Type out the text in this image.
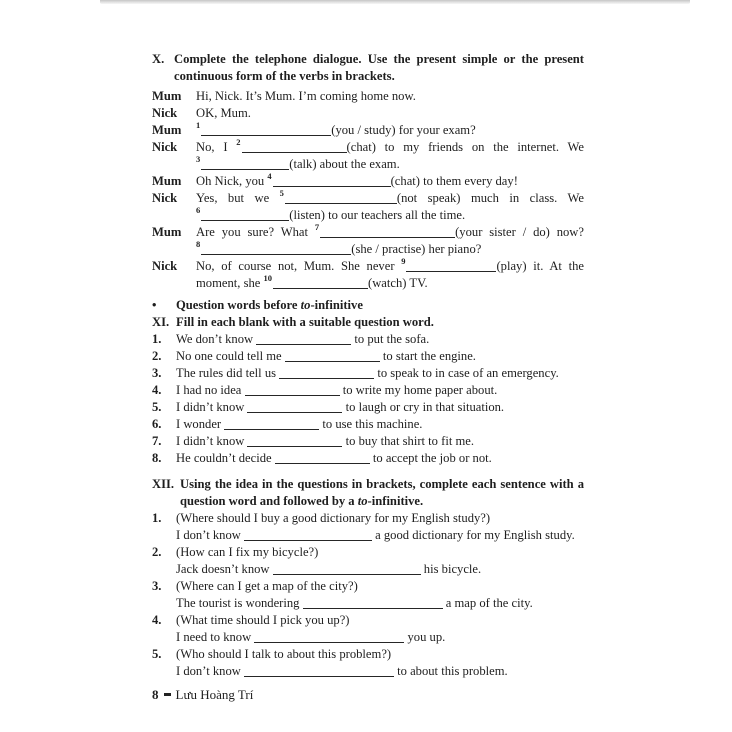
X. Complete the telephone dialogue. Use the present simple or the present
continuous form of the verbs in brackets.
Mum	Hi, Nick. It’s Mum. I’m coming home now.
Nick	OK, Mum.
Mum	$^1$	(you / study) for your exam?
Nick	No, I $^2$	(chat) to my friends on the internet. We
$^3$	(talk) about the exam.
Mum	Oh Nick, you $^4$	(chat) to them every day!
Nick	Yes, but we $^5$	(not speak) much in class. We
$^6$	(listen) to our teachers all the time.
Mum	Are you sure? What $^7$	(your sister / do) now?
$^8$	(she / practise) her piano?
Nick	No, of course not, Mum. She never $^9$	(play) it. At the
moment, she $^{10}$	(watch) TV.
•	Question words before to-infinitive
XI. Fill in each blank with a suitable question word.
1.	We don’t know	to put the sofa.
2.	No one could tell me	to start the engine.
3.	The rules did tell us	to speak to in case of an emergency.
4.	I had no idea	to write my home paper about.
5.	I didn’t know	to laugh or cry in that situation.
6.	I wonder	to use this machine.
7.	I didn’t know	to buy that shirt to fit me.
8.	He couldn’t decide	to accept the job or not.
XII. Using the idea in the questions in brackets, complete each sentence with a
question word and followed by a to-infinitive.
1.	(Where should I buy a good dictionary for my English study?)
I don’t know	a good dictionary for my English study.
2.	(How can I fix my bicycle?)
Jack doesn’t know	his bicycle.
3.	(Where can I get a map of the city?)
The tourist is wondering	a map of the city.
4.	(What time should I pick you up?)
I need to know	you up.
5.	(Who should I talk to about this problem?)
I don’t know	to about this problem.
8 Lưu Hoàng Trí
